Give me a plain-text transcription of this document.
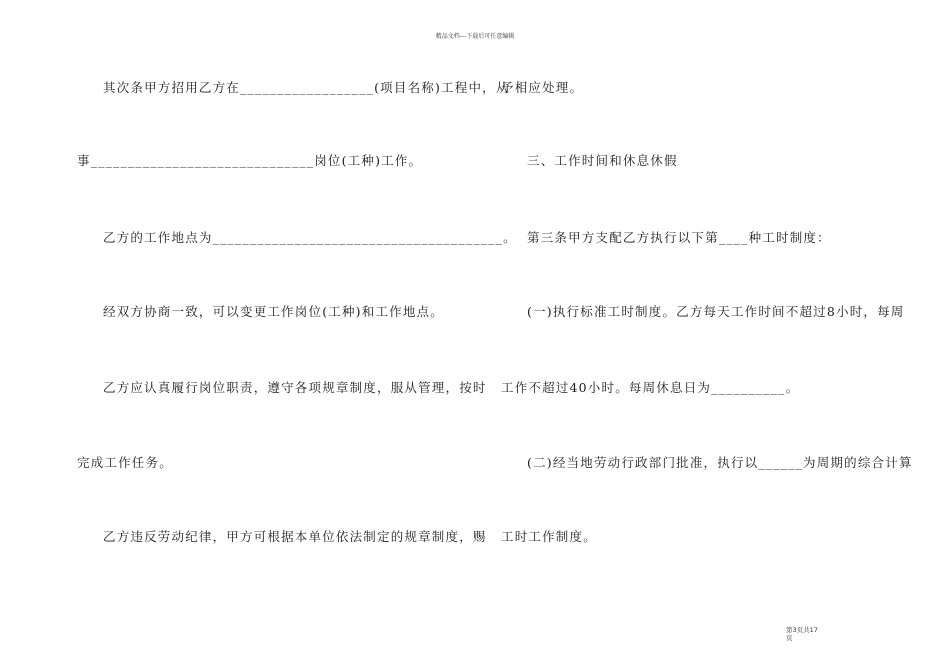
精品文档---下载后可任意编辑
其次条甲方招用乙方在__________________(项目名称)工程中，从
事______________________________岗位(工种)工作。
乙方的工作地点为_______________________________________。
经双方协商一致，可以变更工作岗位(工种)和工作地点。
乙方应认真履行岗位职责，遵守各项规章制度，服从管理，按时
完成工作任务。
乙方违反劳动纪律，甲方可根据本单位依法制定的规章制度，赐
予相应处理。
三、工作时间和休息休假
第三条甲方支配乙方执行以下第____种工时制度：
(一)执行标准工时制度。乙方每天工作时间不超过8小时，每周
工作不超过40小时。每周休息日为__________。
(二)经当地劳动行政部门批准，执行以______为周期的综合计算
工时工作制度。
第3页共17
页
